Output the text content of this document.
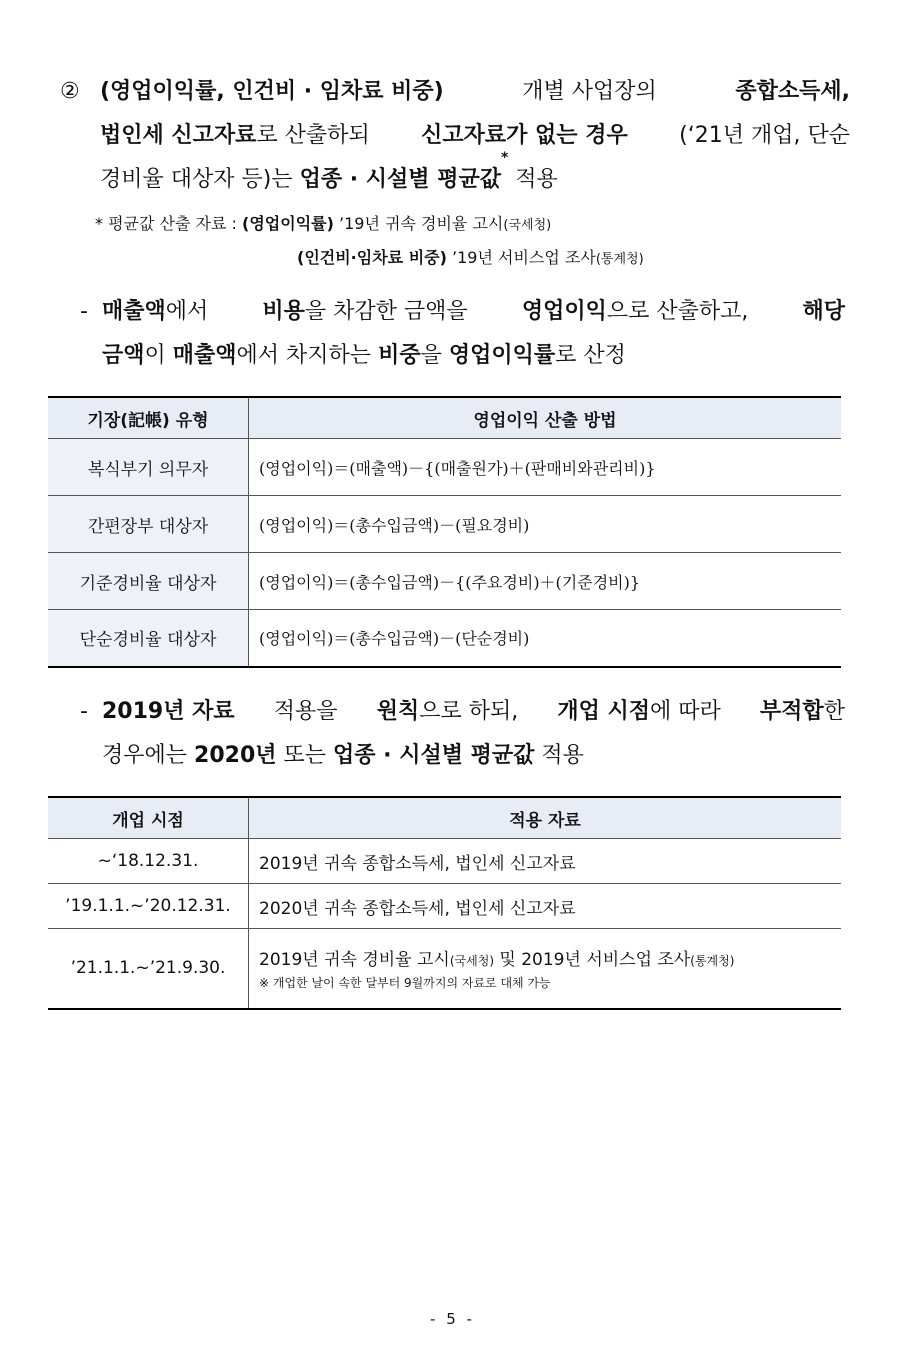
② (영업이익률, 인건비 · 임차료 비중)	개별 사업장의	종합소득세,
법인세 신고자료로 산출하되 신고자료가 없는 경우 (‘21년 개업, 단순
경비율 대상자 등)는
업종 · 시설별 평균값
*

적용
* 평균값 산출 자료 : (영업이익률) ’19년 귀속 경비율 고시(국세청)
(인건비·임차료 비중) ’19년 서비스업 조사(통계청)
- 매출액에서 비용을 차감한 금액을 영업이익으로 산출하고, 해당
금액 이
매출액 에서 차지하는
비중 을
영업이익률 로 산정
기장(記帳) 유형	영업이익 산출 방법
복식부기 의무자	(영업이익)＝(매출액)－{(매출원가)＋(판매비와관리비)}
간편장부 대상자	(영업이익)＝(총수입금액)－(필요경비)
기준경비율 대상자	(영업이익)＝(총수입금액)－{(주요경비)＋(기준경비)}
단순경비율 대상자	(영업이익)＝(총수입금액)－(단순경비)
- 2019년 자료 적용을 원칙으로 하되, 개업 시점에 따라 부적합한
경우에는
2020년
또는
업종 · 시설별 평균값
적용
개업 시점	적용 자료
~‘18.12.31.	2019년 귀속 종합소득세, 법인세 신고자료
’19.1.1.~’20.12.31.	2020년 귀속 종합소득세, 법인세 신고자료
’21.1.1.~’21.9.30.	2019년 귀속 경비율 고시(국세청) 및 2019년 서비스업 조사(통계청)
※ 개업한 날이 속한 달부터 9월까지의 자료로 대체 가능
- 5 -
